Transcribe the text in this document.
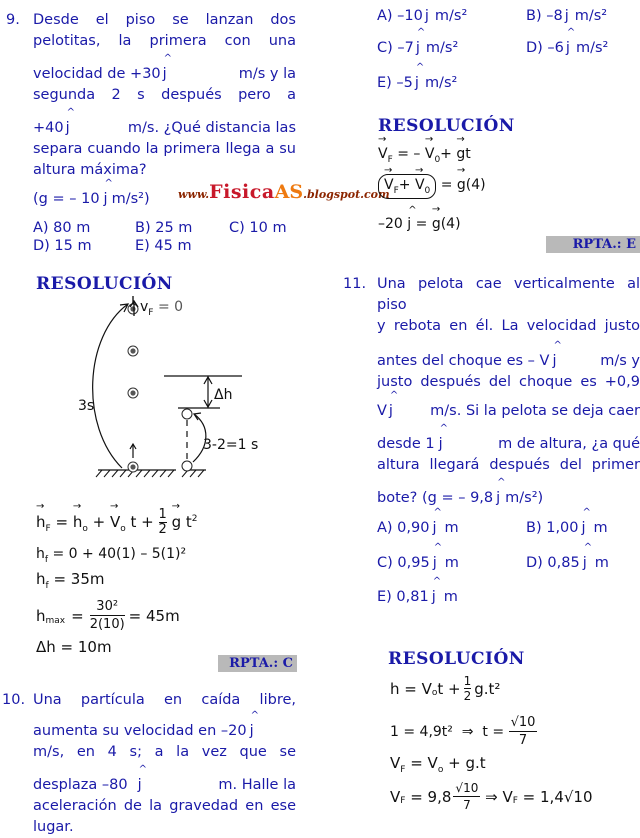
9. Desde el piso se lanzan dos
pelotitas, la primera con una
velocidad de +30^ j	m/s y la
segunda 2 s después pero a
+40^ j	m/s. ¿Qué distancia las
separa cuando la primera llega a su
altura máxima?
(g = – 10^ j m/s²)	www.FisicaAS.blogspot.com
A) 80 m	B) 25 m	C) 10 m
D) 15 m	E) 45 m
RESOLUCIÓN
$v_F = 0$
3s
Δh
3-2=1 s
→ $h_F$ = → $h_o$ + → $V_o$ $t + \frac{1}{2}$
→ g $t^2$
$h_f = 0 + 40(1) - 5(1)^2$
$h_f = 35m$
$h_{max} = \frac{\text{30²}}{2(10)} = 45m$
Δh = 10m
RPTA.: C
10. Una partícula en caída libre,
aumenta su velocidad en –20^ j
m/s, en 4 s; a la vez que se
desplaza –80^ j	m. Halle la
aceleración de la gravedad en ese
lugar.
A) –10^ j m/s²	B) –8^ j m/s²
C) –7^ j m/s²	D) –6^ j m/s²
E) –5^ j m/s²
RESOLUCIÓN
→ $V_F$ = – → $V_0+$ → gt
→ $V_F+ \to V_0$ = → g(4)
–20 ^ j = → g(4)
RPTA.: E
11. Una pelota cae verticalmente al piso
y rebota en él. La velocidad justo
antes del choque es – V^ j	m/s y
justo después del choque es +0,9
V^ j	m/s. Si la pelota se deja caer
desde 1^ j	m de altura, ¿a qué
altura llegará después del primer
bote? (g = – 9,8^ j m/s²)
A) 0,90^ j m	B) 1,00^ j m
C) 0,95^ j m	D) 0,85^ j m
E) 0,81^ j m
RESOLUCIÓN
$h = V_o$ $t + \frac{1}{2} g.t^2$
1 = 4,9t²  ⇒  $t = \frac{√10}{7}$
$V_F = V_o + g.t$
$V_F = 9,8$ √10
7 ⇒ $V_F = 1,4√10$
